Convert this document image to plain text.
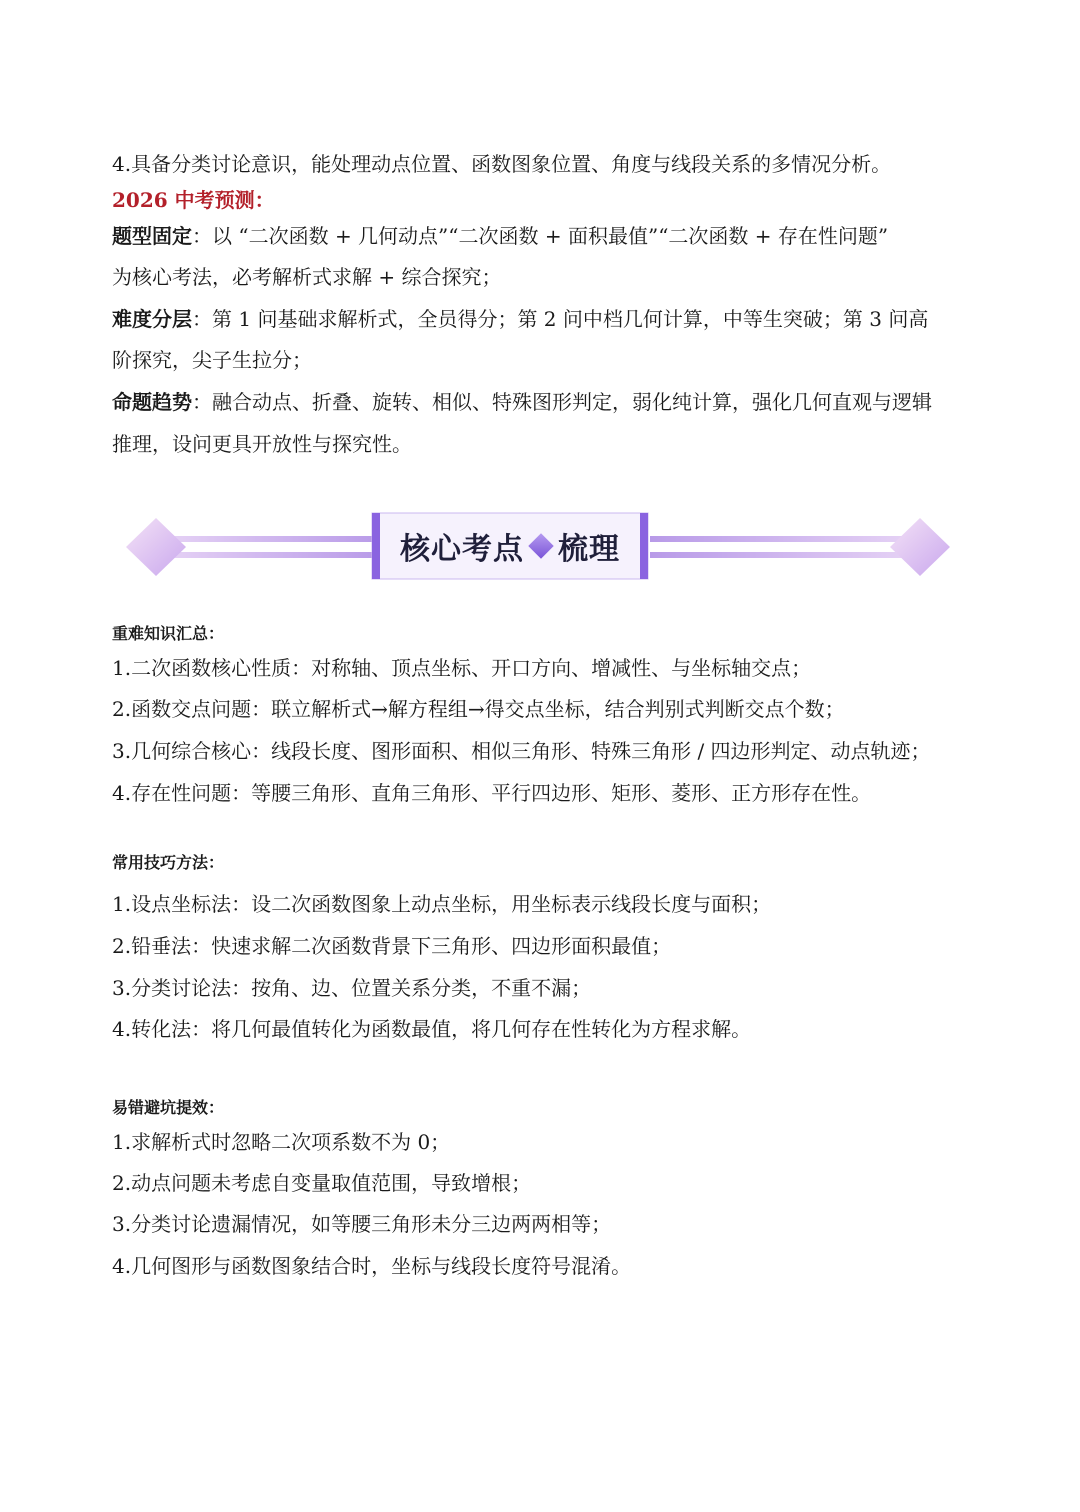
4.具备分类讨论意识，能处理动点位置、函数图象位置、角度与线段关系的多情况分析。
2026 中考预测：
题型固定：以 “二次函数 + 几何动点”“二次函数 + 面积最值”“二次函数 + 存在性问题”
为核心考法，必考解析式求解 + 综合探究；
难度分层：第 1 问基础求解析式，全员得分；第 2 问中档几何计算，中等生突破；第 3 问高
阶探究，尖子生拉分；
命题趋势：融合动点、折叠、旋转、相似、特殊图形判定，弱化纯计算，强化几何直观与逻辑
推理，设问更具开放性与探究性。
核心考点 梳理
重难知识汇总：
1.二次函数核心性质：对称轴、顶点坐标、开口方向、增减性、与坐标轴交点；
2.函数交点问题：联立解析式→解方程组→得交点坐标，结合判别式判断交点个数；
3.几何综合核心：线段长度、图形面积、相似三角形、特殊三角形 / 四边形判定、动点轨迹；
4.存在性问题：等腰三角形、直角三角形、平行四边形、矩形、菱形、正方形存在性。
常用技巧方法：
1.设点坐标法：设二次函数图象上动点坐标，用坐标表示线段长度与面积；
2.铅垂法：快速求解二次函数背景下三角形、四边形面积最值；
3.分类讨论法：按角、边、位置关系分类，不重不漏；
4.转化法：将几何最值转化为函数最值，将几何存在性转化为方程求解。
易错避坑提效：
1.求解析式时忽略二次项系数不为 0；
2.动点问题未考虑自变量取值范围，导致增根；
3.分类讨论遗漏情况，如等腰三角形未分三边两两相等；
4.几何图形与函数图象结合时，坐标与线段长度符号混淆。
